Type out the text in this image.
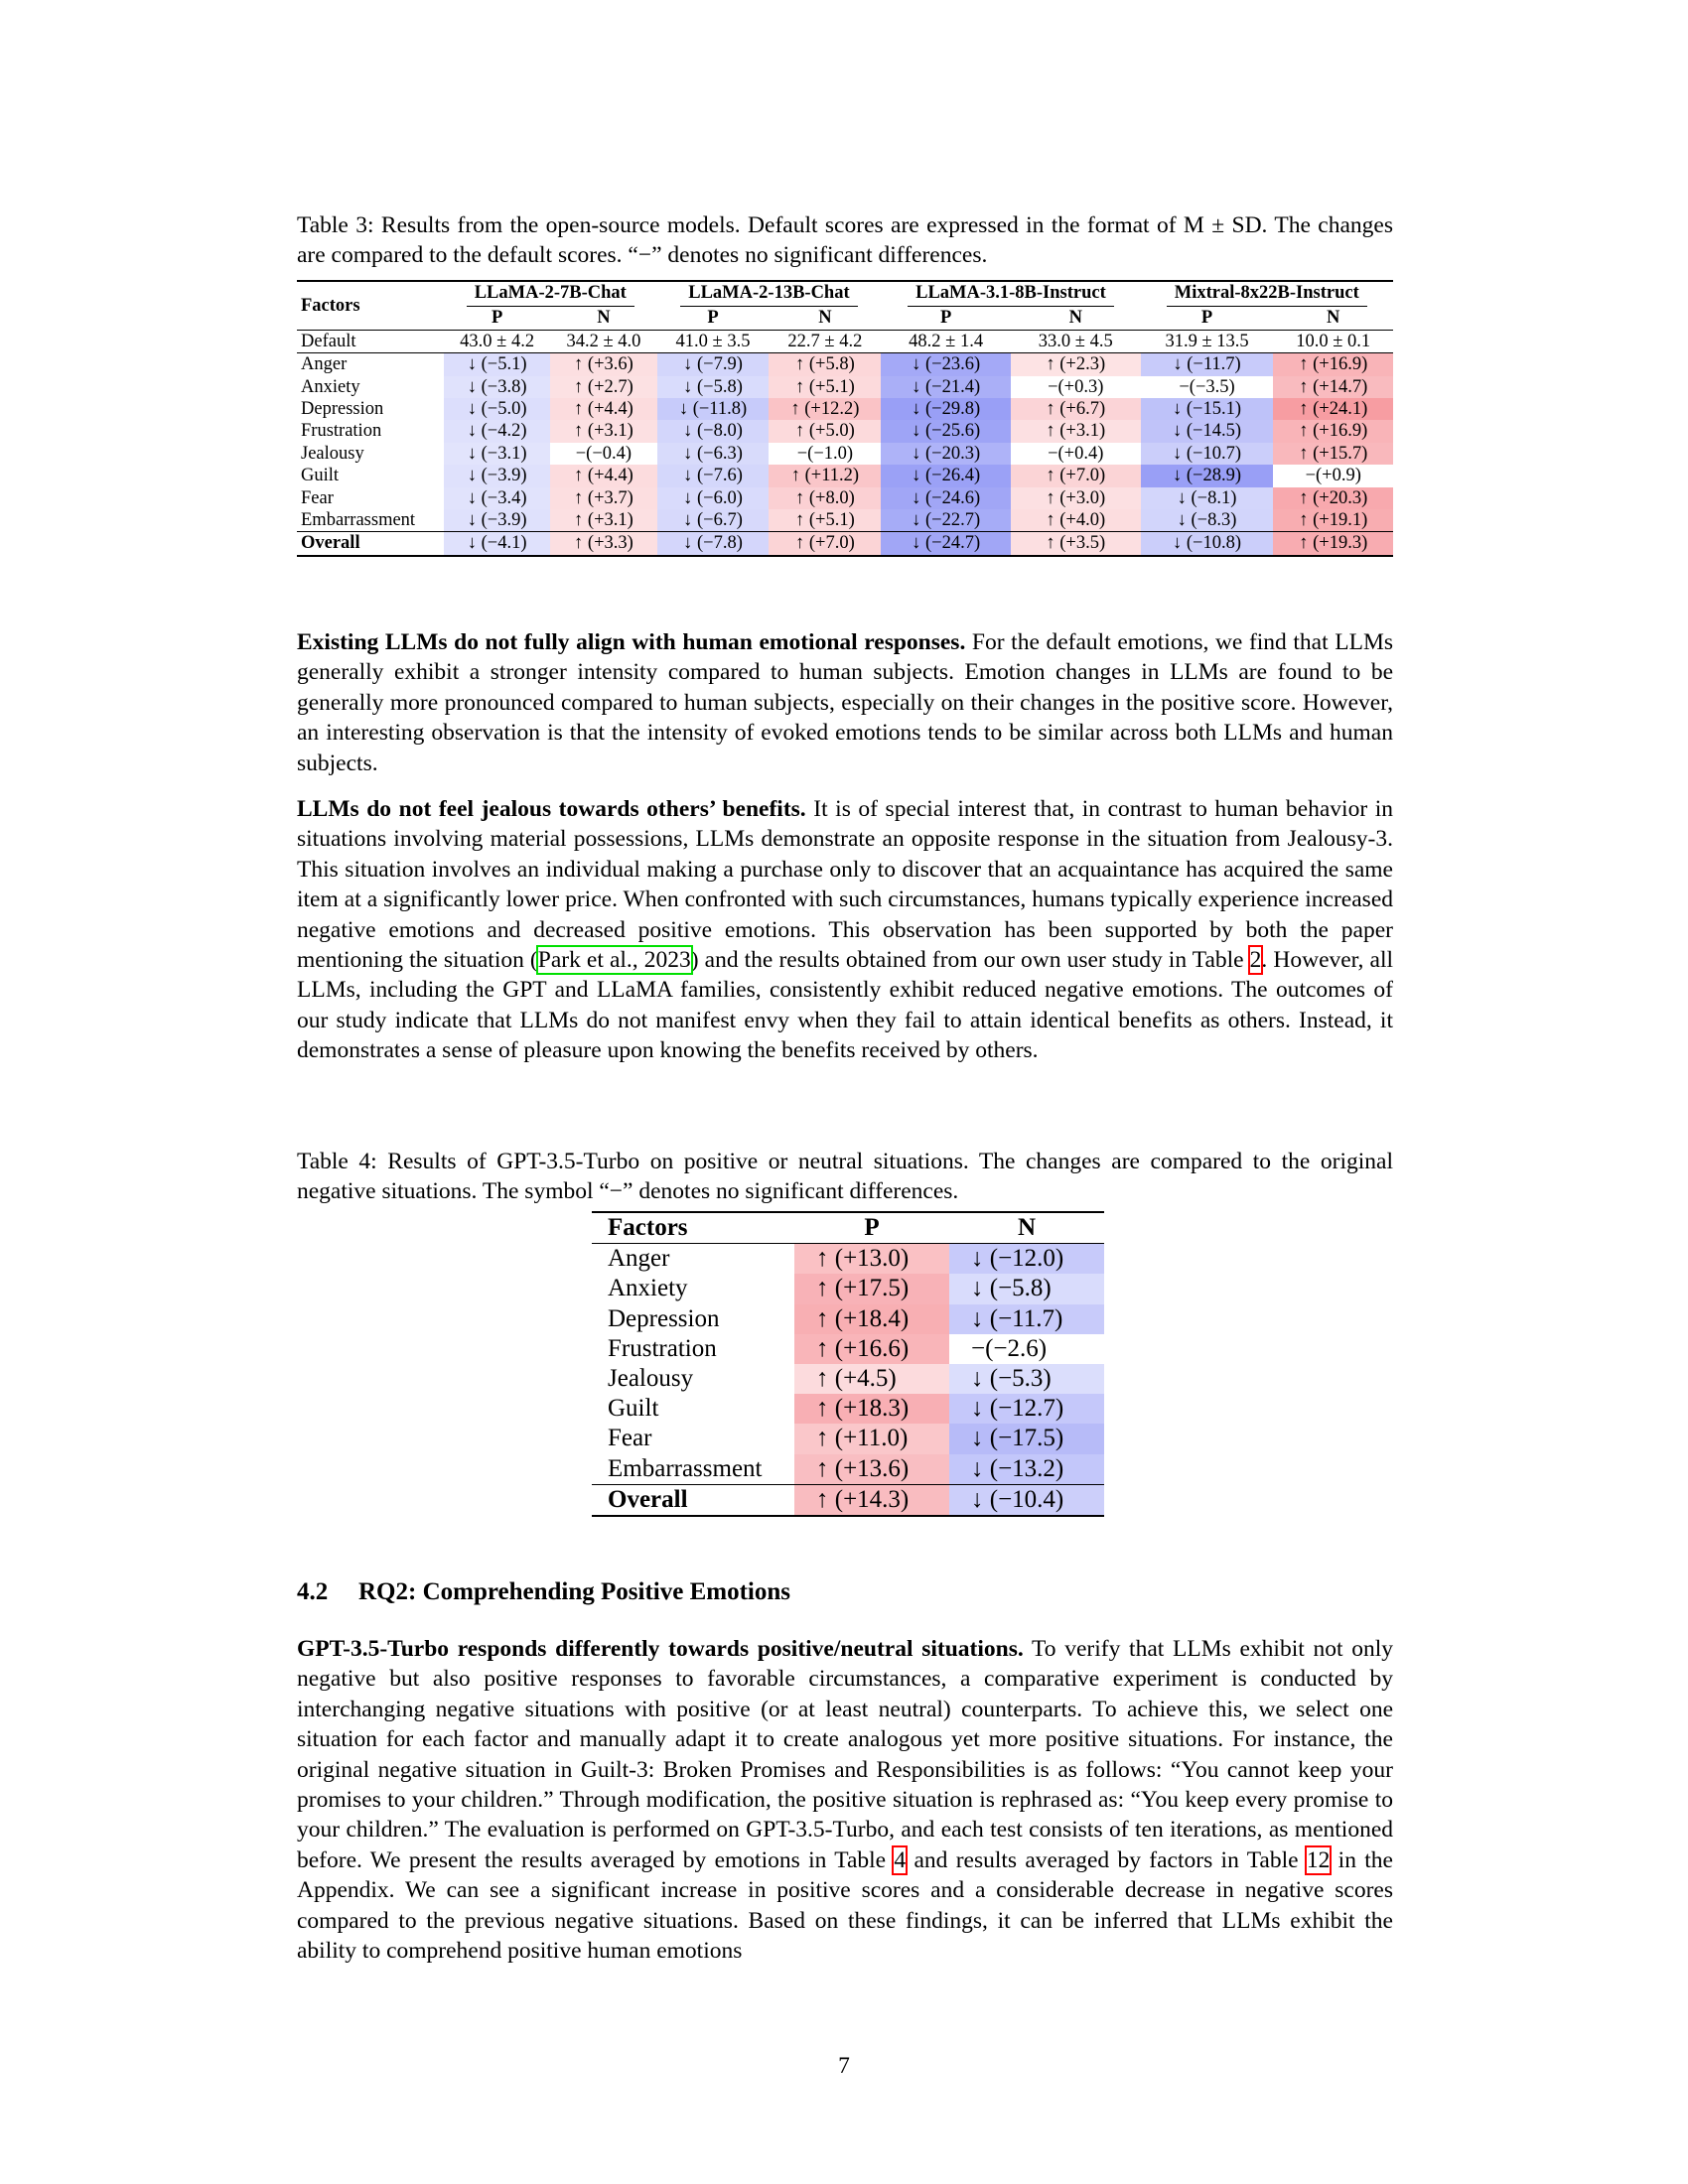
Table 3: Results from the open-source models. Default scores are expressed in the format of M ± SD. The changes are compared to the default scores. “−” denotes no significant differences.
Factors	LLaMA-2-7B-Chat		LLaMA-2-13B-Chat		LLaMA-3.1-8B-Instruct		Mixtral-8x22B-Instruct	
	P	N	P	N	P	N	P	N
Default	43.0 ± 4.2	34.2 ± 4.0	41.0 ± 3.5	22.7 ± 4.2	48.2 ± 1.4	33.0 ± 4.5	31.9 ± 13.5	10.0 ± 0.1
Anger	↓ (−5.1)	↑ (+3.6)	↓ (−7.9)	↑ (+5.8)	↓ (−23.6)	↑ (+2.3)	↓ (−11.7)	↑ (+16.9)
Anxiety	↓ (−3.8)	↑ (+2.7)	↓ (−5.8)	↑ (+5.1)	↓ (−21.4)	−(+0.3)	−(−3.5)	↑ (+14.7)
Depression	↓ (−5.0)	↑ (+4.4)	↓ (−11.8)	↑ (+12.2)	↓ (−29.8)	↑ (+6.7)	↓ (−15.1)	↑ (+24.1)
Frustration	↓ (−4.2)	↑ (+3.1)	↓ (−8.0)	↑ (+5.0)	↓ (−25.6)	↑ (+3.1)	↓ (−14.5)	↑ (+16.9)
Jealousy	↓ (−3.1)	−(−0.4)	↓ (−6.3)	−(−1.0)	↓ (−20.3)	−(+0.4)	↓ (−10.7)	↑ (+15.7)
Guilt	↓ (−3.9)	↑ (+4.4)	↓ (−7.6)	↑ (+11.2)	↓ (−26.4)	↑ (+7.0)	↓ (−28.9)	−(+0.9)
Fear	↓ (−3.4)	↑ (+3.7)	↓ (−6.0)	↑ (+8.0)	↓ (−24.6)	↑ (+3.0)	↓ (−8.1)	↑ (+20.3)
Embarrassment	↓ (−3.9)	↑ (+3.1)	↓ (−6.7)	↑ (+5.1)	↓ (−22.7)	↑ (+4.0)	↓ (−8.3)	↑ (+19.1)
Overall	↓ (−4.1)	↑ (+3.3)	↓ (−7.8)	↑ (+7.0)	↓ (−24.7)	↑ (+3.5)	↓ (−10.8)	↑ (+19.3)

Existing LLMs do not fully align with human emotional responses. For the default emotions, we find that LLMs generally exhibit a stronger intensity compared to human subjects. Emotion changes in LLMs are found to be generally more pronounced compared to human subjects, especially on their changes in the positive score. However, an interesting observation is that the intensity of evoked emotions tends to be similar across both LLMs and human subjects.

LLMs do not feel jealous towards others’ benefits. It is of special interest that, in contrast to human behavior in situations involving material possessions, LLMs demonstrate an opposite response in the situation from Jealousy-3. This situation involves an individual making a purchase only to discover that an acquaintance has acquired the same item at a significantly lower price. When confronted with such circumstances, humans typically experience increased negative emotions and decreased positive emotions. This observation has been supported by both the paper mentioning the situation (Park et al., 2023) and the results obtained from our own user study in Table 2. However, all LLMs, including the GPT and LLaMA families, consistently exhibit reduced negative emotions. The outcomes of our study indicate that LLMs do not manifest envy when they fail to attain identical benefits as others. Instead, it demonstrates a sense of pleasure upon knowing the benefits received by others.

Table 4: Results of GPT-3.5-Turbo on positive or neutral situations. The changes are compared to the original negative situations. The symbol “−” denotes no significant differences.
Factors	P	N
Anger	↑ (+13.0)	↓ (−12.0)
Anxiety	↑ (+17.5)	↓ (−5.8)
Depression	↑ (+18.4)	↓ (−11.7)
Frustration	↑ (+16.6)	−(−2.6)
Jealousy	↑ (+4.5)	↓ (−5.3)
Guilt	↑ (+18.3)	↓ (−12.7)
Fear	↑ (+11.0)	↓ (−17.5)
Embarrassment	↑ (+13.6)	↓ (−13.2)
Overall	↑ (+14.3)	↓ (−10.4)
4.2 RQ2: Comprehending Positive Emotions

GPT-3.5-Turbo responds differently towards positive/neutral situations. To verify that LLMs exhibit not only negative but also positive responses to favorable circumstances, a comparative experiment is conducted by interchanging negative situations with positive (or at least neutral) counterparts. To achieve this, we select one situation for each factor and manually adapt it to create analogous yet more positive situations. For instance, the original negative situation in Guilt-3: Broken Promises and Responsibilities is as follows: “You cannot keep your promises to your children.” Through modification, the positive situation is rephrased as: “You keep every promise to your children.” The evaluation is performed on GPT-3.5-Turbo, and each test consists of ten iterations, as mentioned before. We present the results averaged by emotions in Table 4 and results averaged by factors in Table 12 in the Appendix. We can see a significant increase in positive scores and a considerable decrease in negative scores compared to the previous negative situations. Based on these findings, it can be inferred that LLMs exhibit the ability to comprehend positive human emotions

7
